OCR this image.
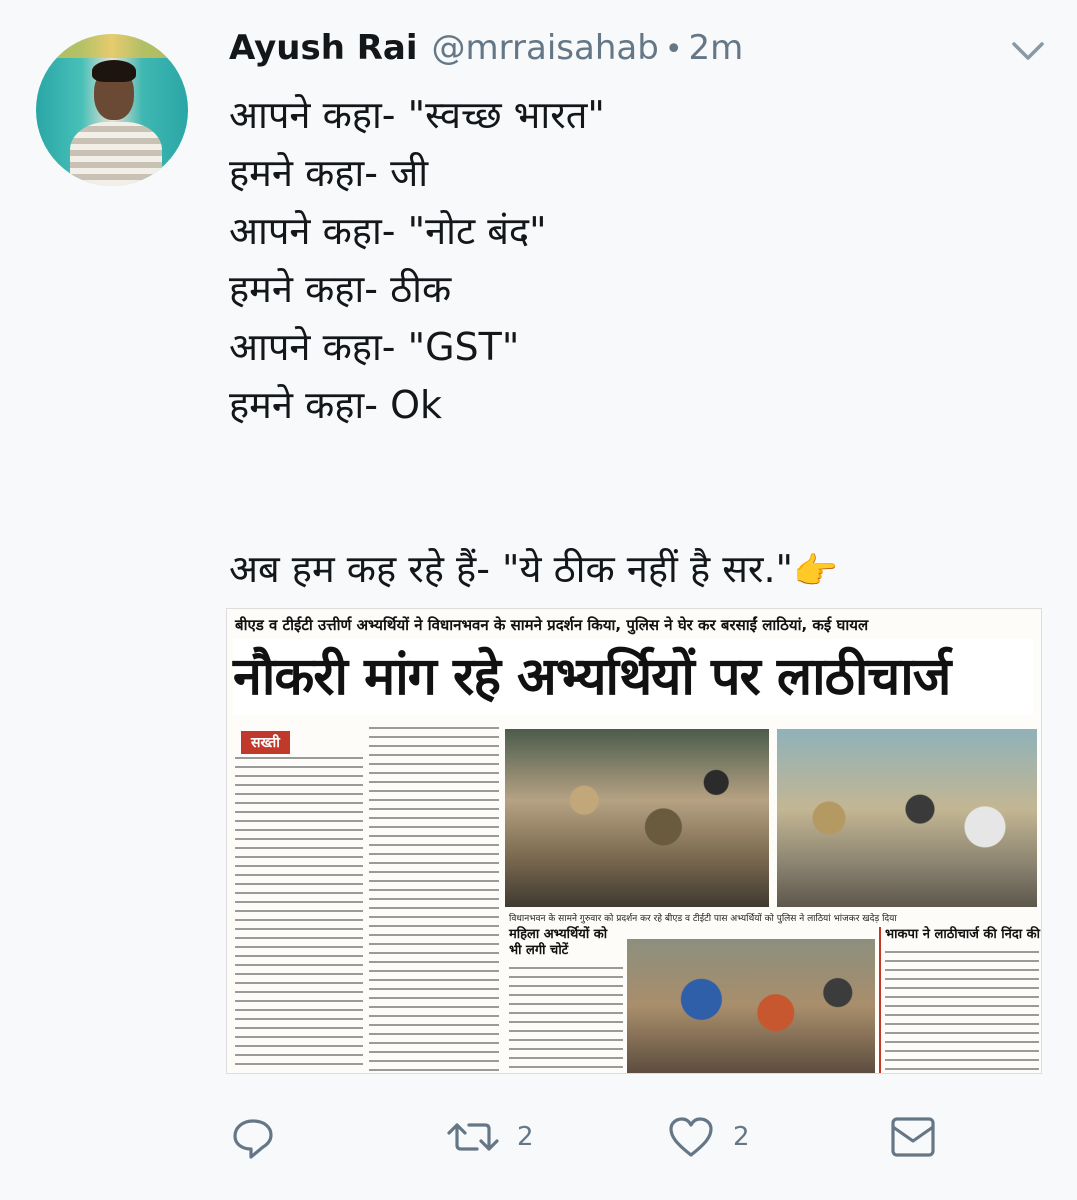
Ayush Rai @mrraisahab • 2m
आपने कहा- "स्वच्छ भारत"
हमने कहा- जी
आपने कहा- "नोट बंद"
हमने कहा- ठीक
आपने कहा- "GST"
हमने कहा- Ok
अब हम कह रहे हैं- "ये ठीक नहीं है सर."👉
बीएड व टीईटी उत्तीर्ण अभ्यर्थियों ने विधानभवन के सामने प्रदर्शन किया, पुलिस ने घेर कर बरसाईं लाठियां, कई घायल
नौकरी मांग रहे अभ्यर्थियों पर लाठीचार्ज
सख्ती
विधानभवन के सामने गुरुवार को प्रदर्शन कर रहे बीएड व टीईटी पास अभ्यर्थियों को पुलिस ने लाठियां भांजकर खदेड़ दिया
महिला अभ्यर्थियों को भी लगी चोटें
भाकपा ने लाठीचार्ज की निंदा की
2	2
